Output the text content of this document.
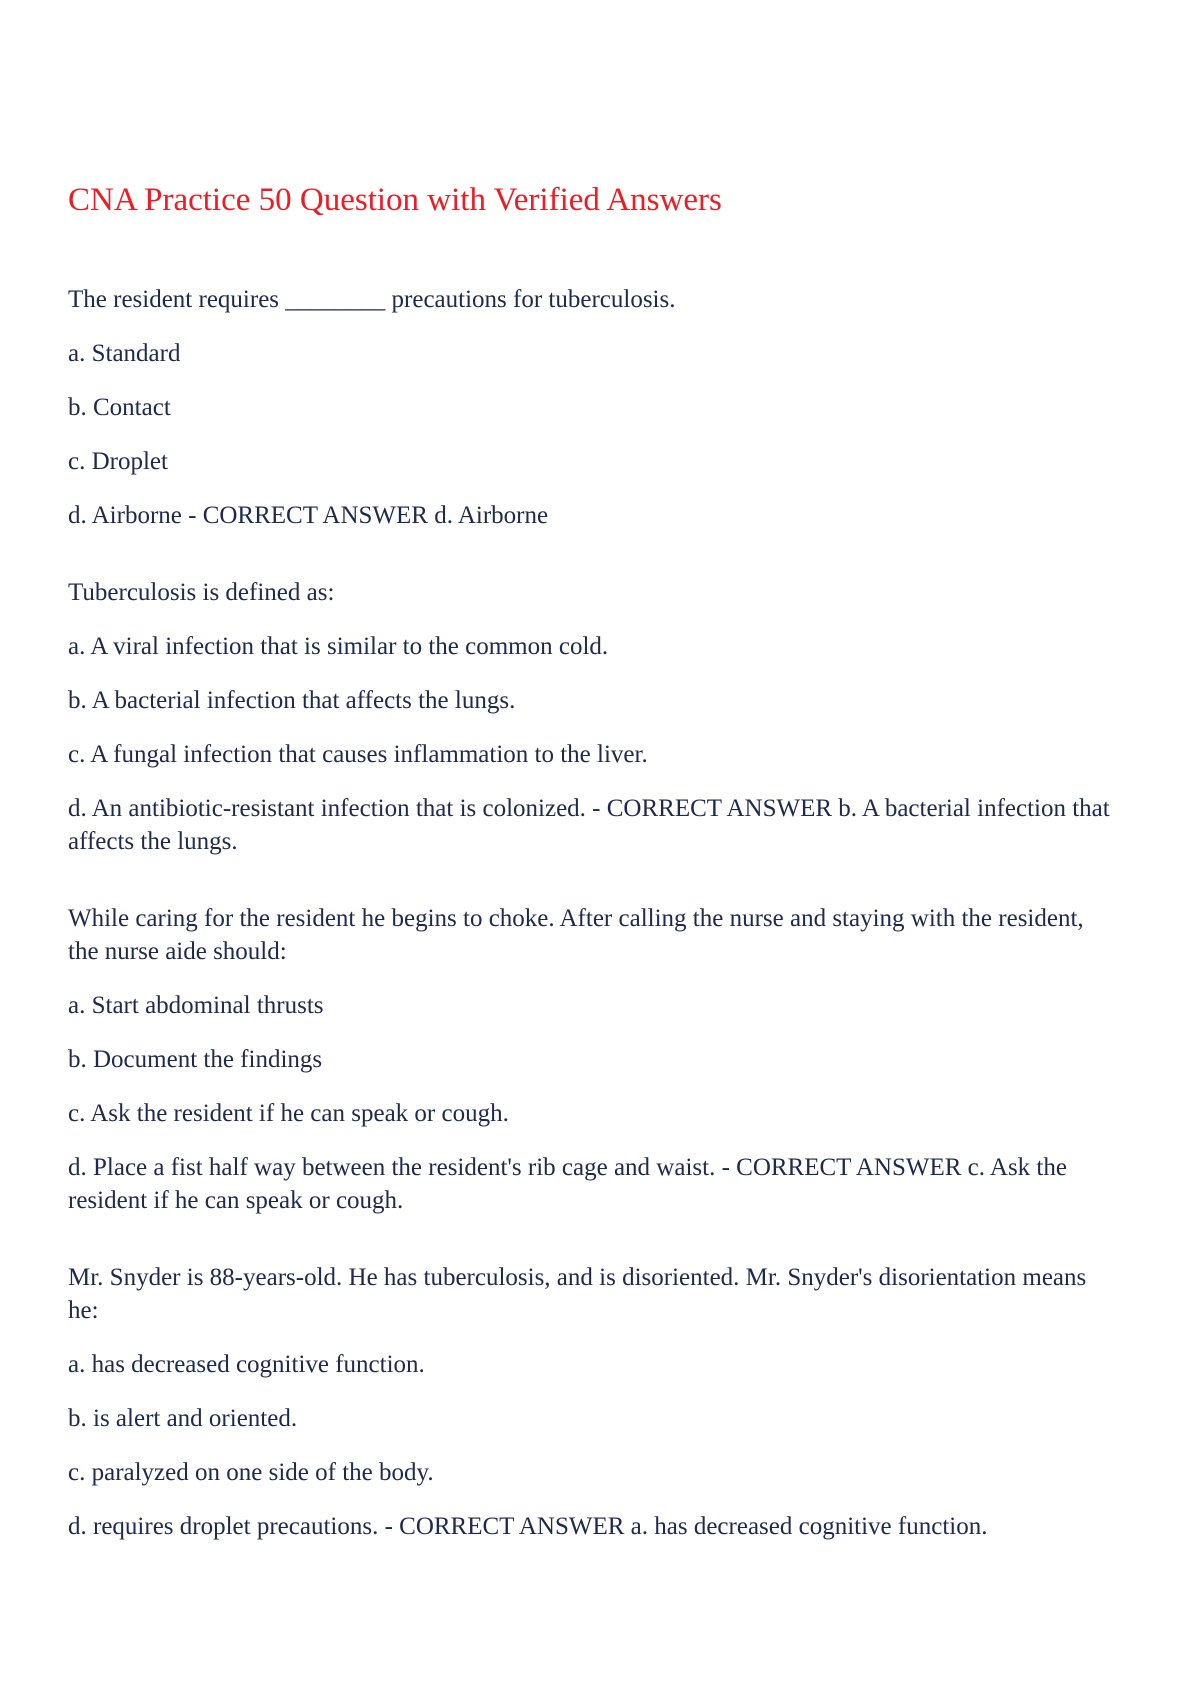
CNA Practice 50 Question with Verified Answers

The resident requires ________ precautions for tuberculosis.

a. Standard

b. Contact

c. Droplet

d. Airborne - CORRECT ANSWER d. Airborne

Tuberculosis is defined as:

a. A viral infection that is similar to the common cold.

b. A bacterial infection that affects the lungs.

c. A fungal infection that causes inflammation to the liver.

d. An antibiotic-resistant infection that is colonized. - CORRECT ANSWER b. A bacterial infection that affects the lungs.

While caring for the resident he begins to choke. After calling the nurse and staying with the resident, the nurse aide should:

a. Start abdominal thrusts

b. Document the findings

c. Ask the resident if he can speak or cough.

d. Place a fist half way between the resident's rib cage and waist. - CORRECT ANSWER c. Ask the resident if he can speak or cough.

Mr. Snyder is 88-years-old. He has tuberculosis, and is disoriented. Mr. Snyder's disorientation means he:

a. has decreased cognitive function.

b. is alert and oriented.

c. paralyzed on one side of the body.

d. requires droplet precautions. - CORRECT ANSWER a. has decreased cognitive function.
